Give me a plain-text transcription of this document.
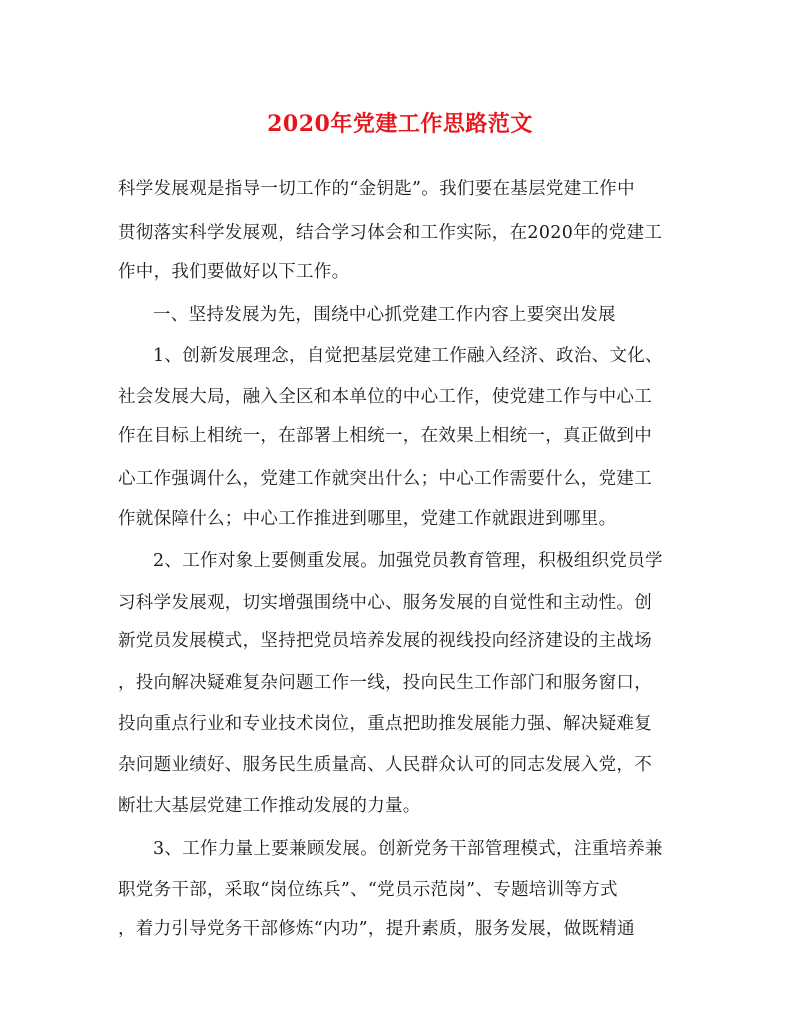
2020年党建工作思路范文
科学发展观是指导一切工作的“金钥匙”。我们要在基层党建工作中
贯彻落实科学发展观，结合学习体会和工作实际，在2020年的党建工
作中，我们要做好以下工作。
一、坚持发展为先，围绕中心抓党建工作内容上要突出发展
1、创新发展理念，自觉把基层党建工作融入经济、政治、文化、
社会发展大局，融入全区和本单位的中心工作，使党建工作与中心工
作在目标上相统一，在部署上相统一，在效果上相统一，真正做到中
心工作强调什么，党建工作就突出什么；中心工作需要什么，党建工
作就保障什么；中心工作推进到哪里，党建工作就跟进到哪里。
2、工作对象上要侧重发展。加强党员教育管理，积极组织党员学
习科学发展观，切实增强围绕中心、服务发展的自觉性和主动性。创
新党员发展模式，坚持把党员培养发展的视线投向经济建设的主战场
，投向解决疑难复杂问题工作一线，投向民生工作部门和服务窗口，
投向重点行业和专业技术岗位，重点把助推发展能力强、解决疑难复
杂问题业绩好、服务民生质量高、人民群众认可的同志发展入党，不
断壮大基层党建工作推动发展的力量。
3、工作力量上要兼顾发展。创新党务干部管理模式，注重培养兼
职党务干部，采取“岗位练兵”、“党员示范岗”、专题培训等方式
，着力引导党务干部修炼“内功”，提升素质，服务发展，做既精通
